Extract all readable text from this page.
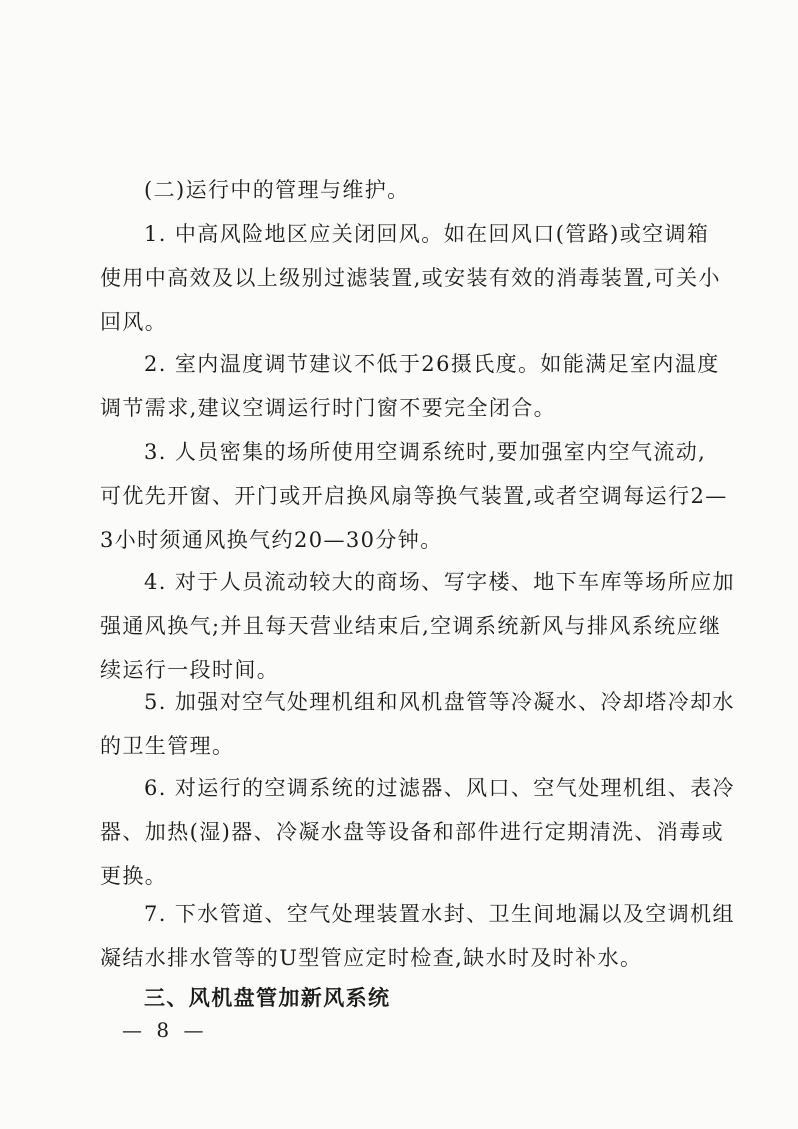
(二)运行中的管理与维护。
1. 中高风险地区应关闭回风。如在回风口(管路)或空调箱
使用中高效及以上级别过滤装置,或安装有效的消毒装置,可关小
回风。
2. 室内温度调节建议不低于26摄氏度。如能满足室内温度
调节需求,建议空调运行时门窗不要完全闭合。
3. 人员密集的场所使用空调系统时,要加强室内空气流动,
可优先开窗、开门或开启换风扇等换气装置,或者空调每运行2—
3小时须通风换气约20—30分钟。
4. 对于人员流动较大的商场、写字楼、地下车库等场所应加
强通风换气;并且每天营业结束后,空调系统新风与排风系统应继
续运行一段时间。
5. 加强对空气处理机组和风机盘管等冷凝水、冷却塔冷却水
的卫生管理。
6. 对运行的空调系统的过滤器、风口、空气处理机组、表冷
器、加热(湿)器、冷凝水盘等设备和部件进行定期清洗、消毒或
更换。
7. 下水管道、空气处理装置水封、卫生间地漏以及空调机组
凝结水排水管等的U型管应定时检查,缺水时及时补水。
三、风机盘管加新风系统
— 8 —
